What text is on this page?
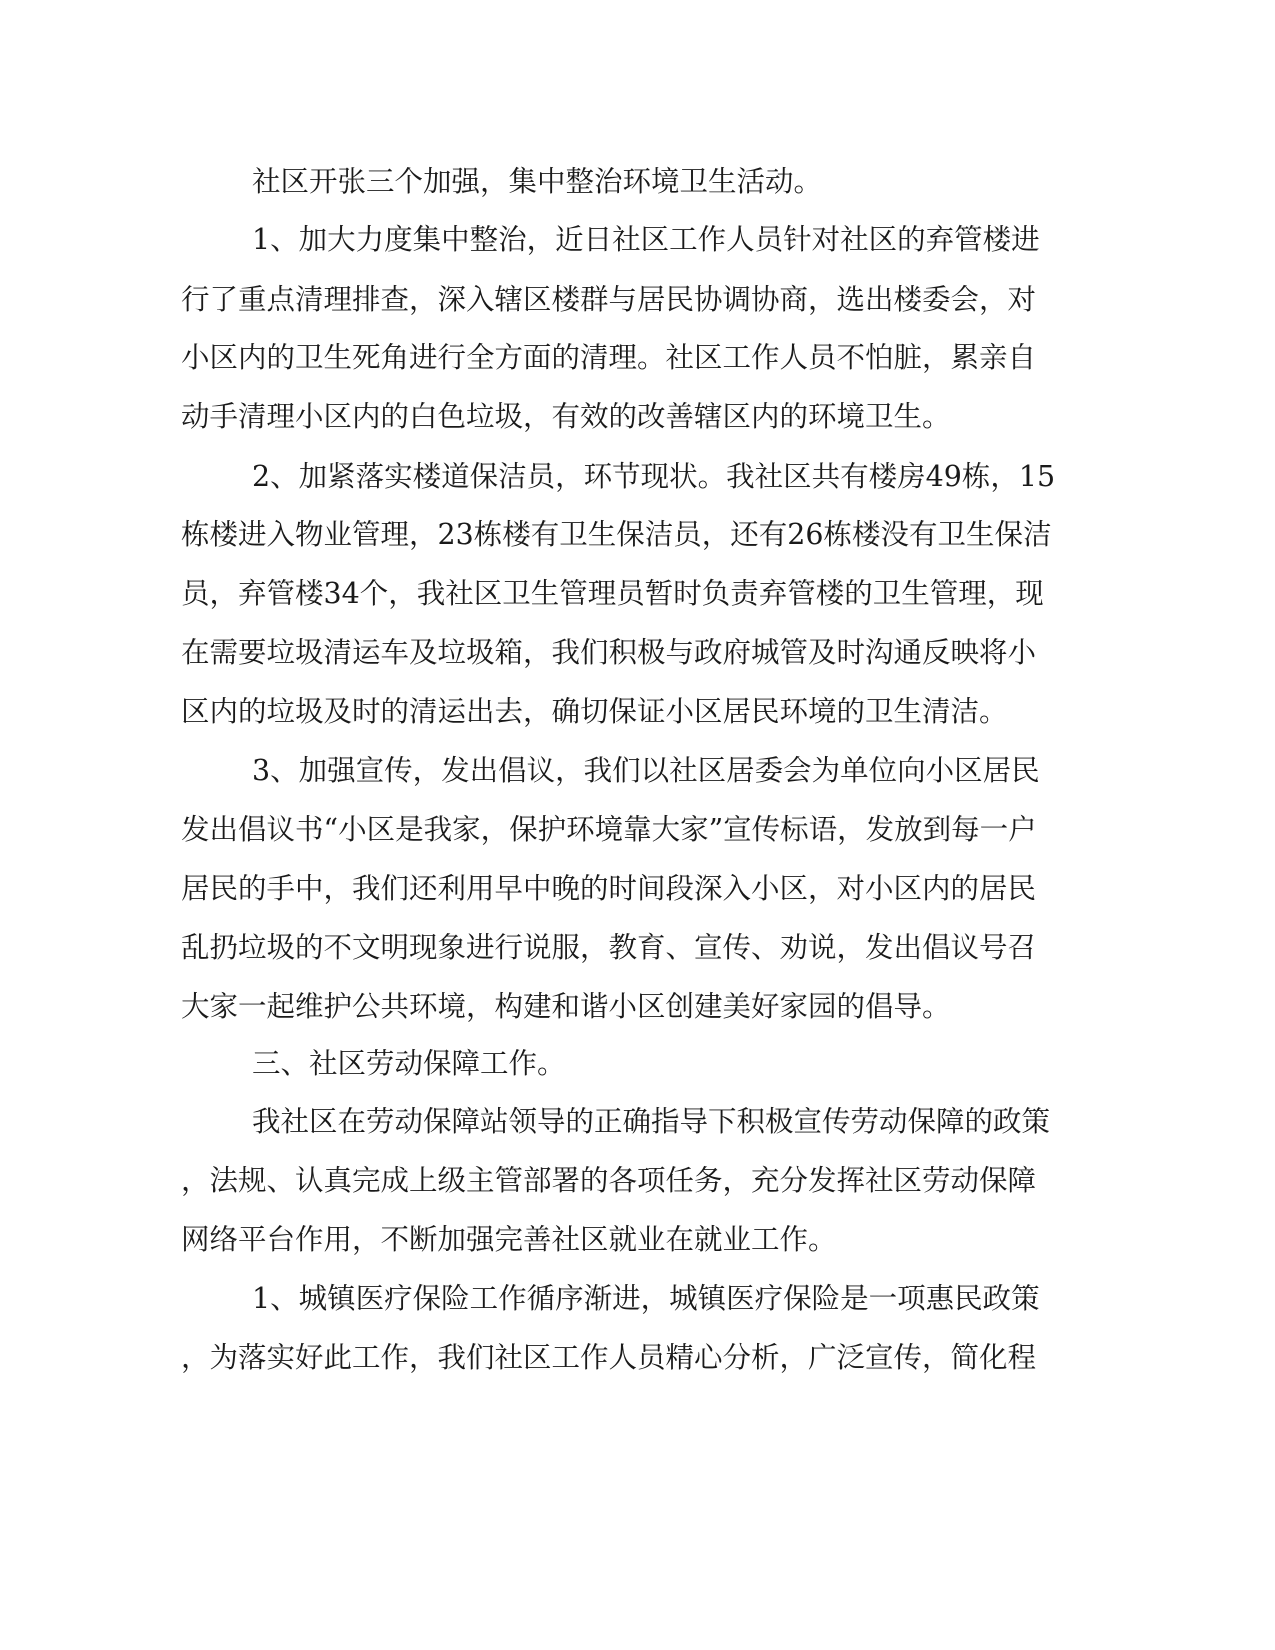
社区开张三个加强，集中整治环境卫生活动。
1、加大力度集中整治，近日社区工作人员针对社区的弃管楼进
行了重点清理排查，深入辖区楼群与居民协调协商，选出楼委会，对
小区内的卫生死角进行全方面的清理。社区工作人员不怕脏，累亲自
动手清理小区内的白色垃圾，有效的改善辖区内的环境卫生。
2、加紧落实楼道保洁员，环节现状。我社区共有楼房49栋，15
栋楼进入物业管理，23栋楼有卫生保洁员，还有26栋楼没有卫生保洁
员，弃管楼34个，我社区卫生管理员暂时负责弃管楼的卫生管理，现
在需要垃圾清运车及垃圾箱，我们积极与政府城管及时沟通反映将小
区内的垃圾及时的清运出去，确切保证小区居民环境的卫生清洁。
3、加强宣传，发出倡议，我们以社区居委会为单位向小区居民
发出倡议书“小区是我家，保护环境靠大家”宣传标语，发放到每一户
居民的手中，我们还利用早中晚的时间段深入小区，对小区内的居民
乱扔垃圾的不文明现象进行说服，教育、宣传、劝说，发出倡议号召
大家一起维护公共环境，构建和谐小区创建美好家园的倡导。
三、社区劳动保障工作。
我社区在劳动保障站领导的正确指导下积极宣传劳动保障的政策
，法规、认真完成上级主管部署的各项任务，充分发挥社区劳动保障
网络平台作用，不断加强完善社区就业在就业工作。
1、城镇医疗保险工作循序渐进，城镇医疗保险是一项惠民政策
，为落实好此工作，我们社区工作人员精心分析，广泛宣传，简化程
